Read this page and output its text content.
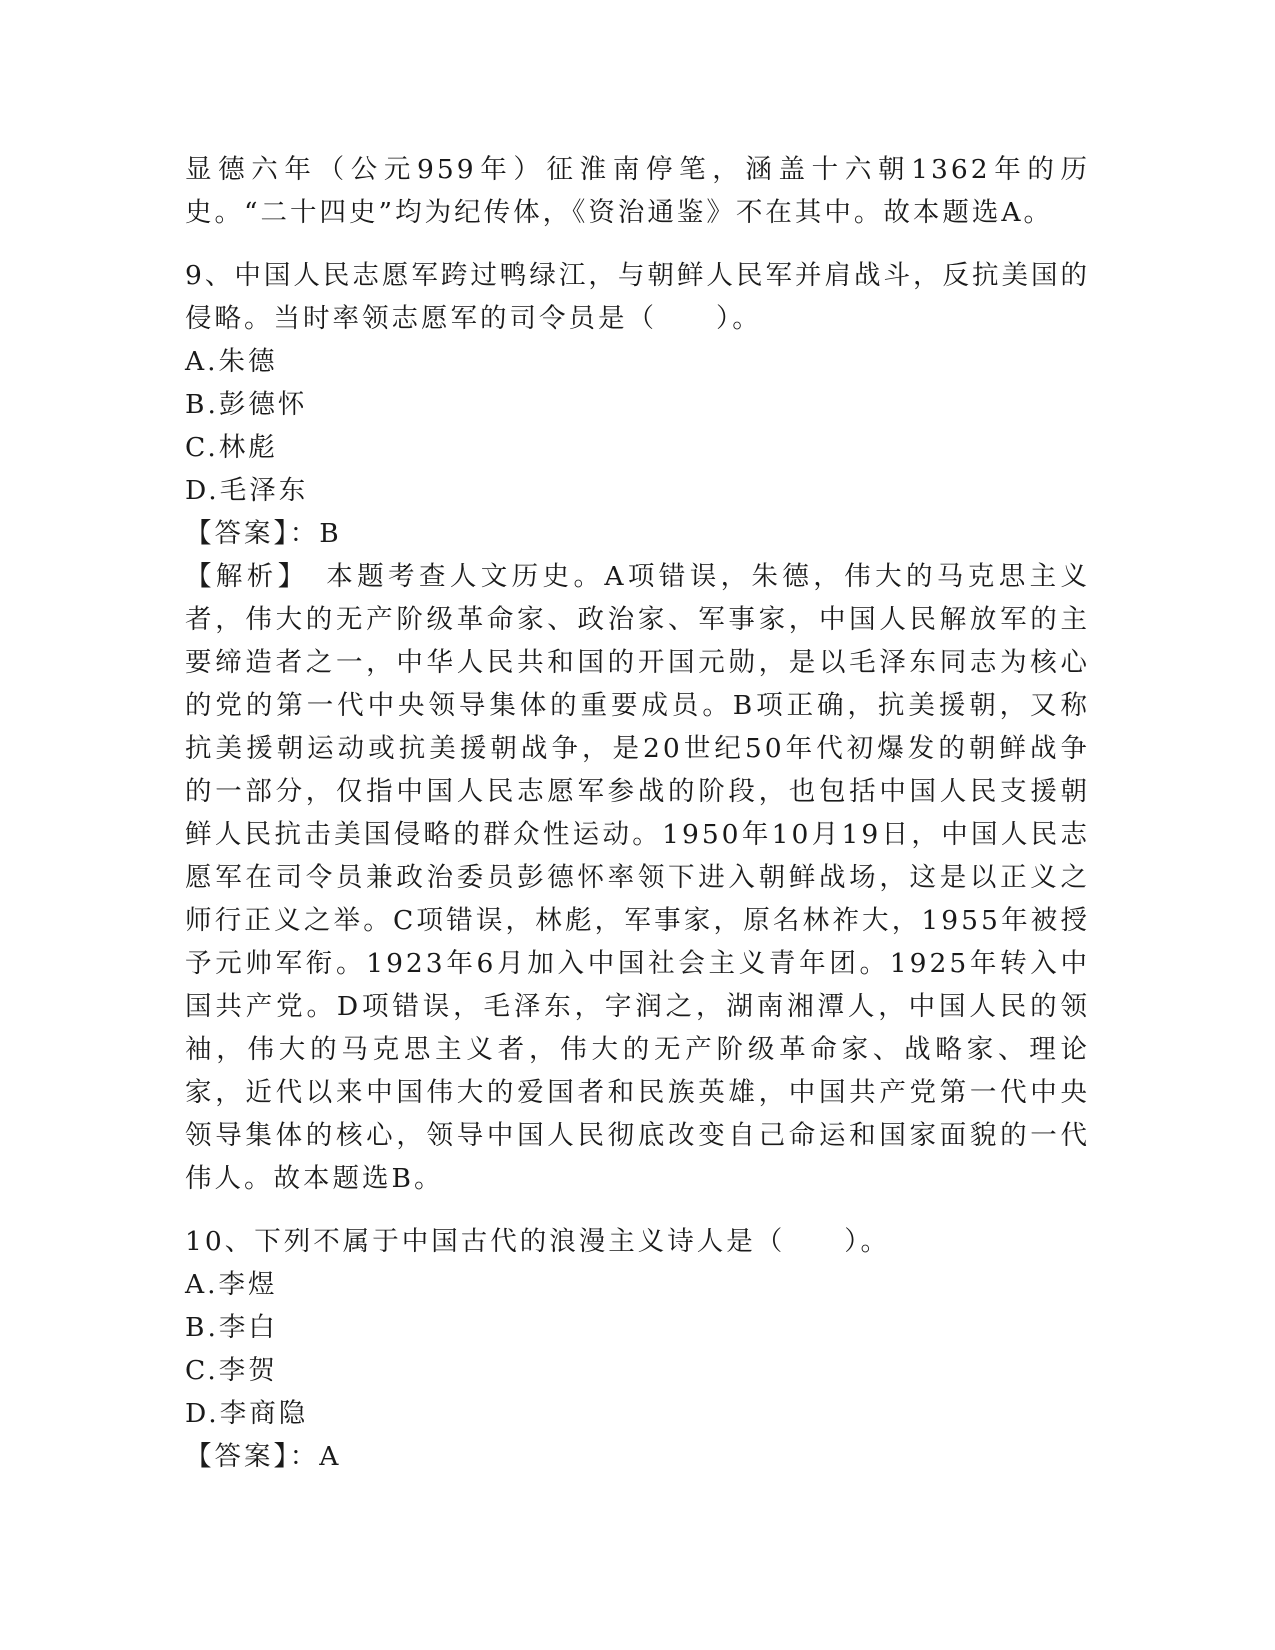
显德六年（公元959年）征淮南停笔，涵盖十六朝1362年的历史。“二十四史”均为纪传体，《资治通鉴》不在其中。故本题选A。

9、中国人民志愿军跨过鸭绿江，与朝鲜人民军并肩战斗，反抗美国的侵略。当时率领志愿军的司令员是（　　）。

A.朱德

B.彭德怀

C.林彪

D.毛泽东

【答案】：B

【解析】　本题考查人文历史。A项错误，朱德，伟大的马克思主义者，伟大的无产阶级革命家、政治家、军事家，中国人民解放军的主要缔造者之一，中华人民共和国的开国元勋，是以毛泽东同志为核心的党的第一代中央领导集体的重要成员。B项正确，抗美援朝，又称抗美援朝运动或抗美援朝战争，是20世纪50年代初爆发的朝鲜战争的一部分，仅指中国人民志愿军参战的阶段，也包括中国人民支援朝鲜人民抗击美国侵略的群众性运动。1950年10月19日，中国人民志愿军在司令员兼政治委员彭德怀率领下进入朝鲜战场，这是以正义之师行正义之举。C项错误，林彪，军事家，原名林祚大，1955年被授予元帅军衔。1923年6月加入中国社会主义青年团。1925年转入中国共产党。D项错误，毛泽东，字润之，湖南湘潭人，中国人民的领袖，伟大的马克思主义者，伟大的无产阶级革命家、战略家、理论家，近代以来中国伟大的爱国者和民族英雄，中国共产党第一代中央领导集体的核心，领导中国人民彻底改变自己命运和国家面貌的一代伟人。故本题选B。

10、下列不属于中国古代的浪漫主义诗人是（　　）。

A.李煜

B.李白

C.李贺

D.李商隐

【答案】：A
